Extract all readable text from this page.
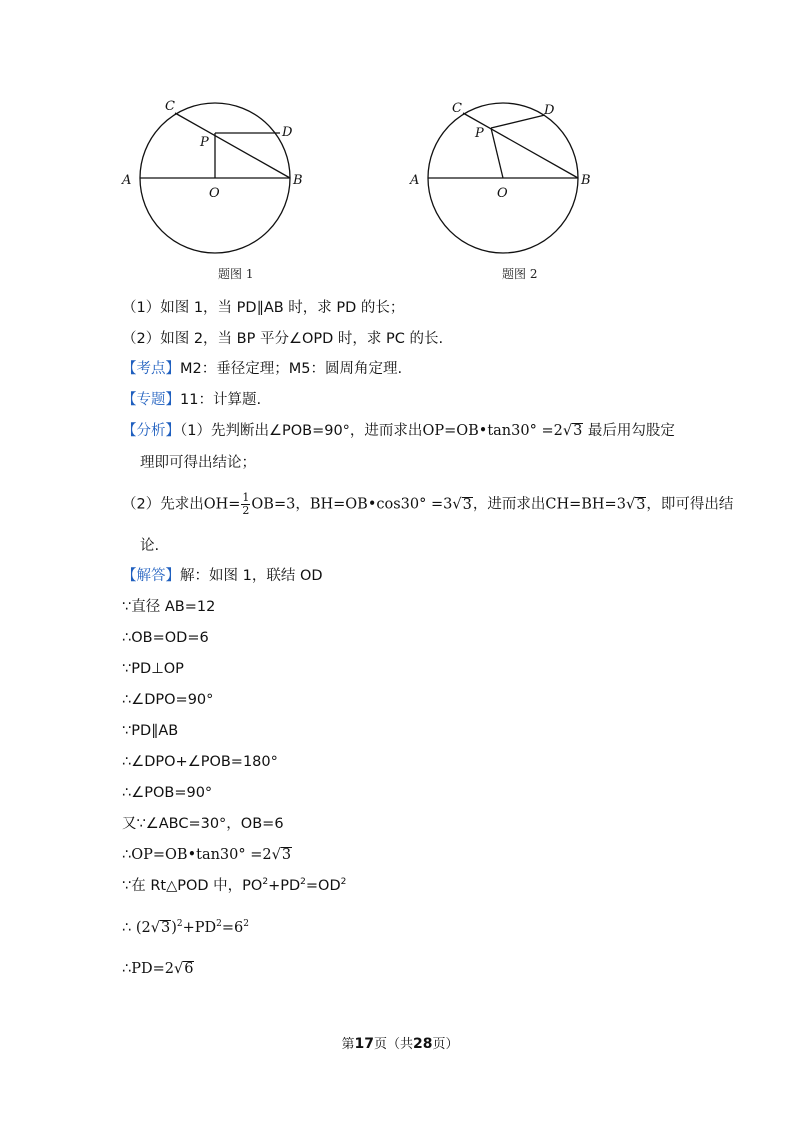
A	B
C
D
P
O
题图 1
A	B
C	D
P
O
题图 2
（1）如图 1，当 PD∥AB 时，求 PD 的长；
（2）如图 2，当 BP 平分∠OPD 时，求 PC 的长.
【考点】M2：垂径定理；M5：圆周角定理.
【专题】11：计算题.
【分析】（1）先判断出∠POB=90°，进而求出OP=OB•tan30° =2√3 最后用勾股定
理即可得出结论；
（2）先求出$OH= \frac{1}{2} OB=3$，BH=OB•cos30° =3√3，进而求出CH=BH=3√3，即可得出结
论.
【解答】解：如图 1，联结 OD
∵直径 AB=12
∴OB=OD=6
∵PD⊥OP
∴∠DPO=90°
∵PD∥AB
∴∠DPO+∠POB=180°
∴∠POB=90°
又∵∠ABC=30°，OB=6
∴OP=OB•tan30° =2√3
∵在 Rt△POD 中，$PO^2+PD^2=OD^2$
∴ $(2√3)^2+PD^2=6^2$
∴PD=2√6
第17页（共28页）
